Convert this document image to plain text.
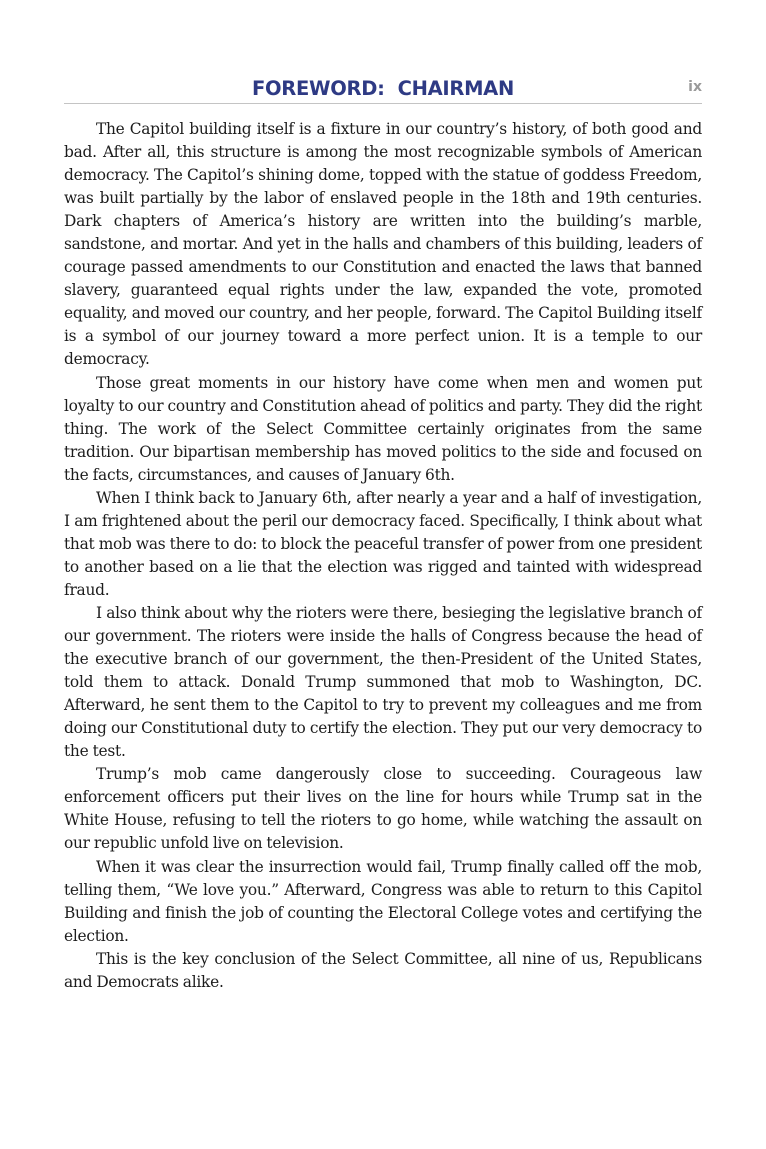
FOREWORD:  CHAIRMAN	ix

The Capitol building itself is a fixture in our country’s history, of both good and bad. After all, this structure is among the most recognizable symbols of American democracy. The Capitol’s shining dome, topped with the statue of goddess Freedom, was built partially by the labor of enslaved people in the 18th and 19th centuries. Dark chapters of America’s history are written into the building’s marble, sandstone, and mortar. And yet in the halls and chambers of this building, leaders of courage passed amendments to our Constitution and enacted the laws that banned slavery, guaranteed equal rights under the law, expanded the vote, promoted equality, and moved our country, and her people, forward. The Capitol Building itself is a symbol of our journey toward a more perfect union. It is a temple to our democracy.

Those great moments in our history have come when men and women put loyalty to our country and Constitution ahead of politics and party. They did the right thing. The work of the Select Committee certainly originates from the same tradition. Our bipartisan membership has moved politics to the side and focused on the facts, circumstances, and causes of January 6th.

When I think back to January 6th, after nearly a year and a half of investigation, I am frightened about the peril our democracy faced. Specifically, I think about what that mob was there to do: to block the peaceful transfer of power from one president to another based on a lie that the election was rigged and tainted with widespread fraud.

I also think about why the rioters were there, besieging the legislative branch of our government. The rioters were inside the halls of Congress because the head of the executive branch of our government, the then-President of the United States, told them to attack. Donald Trump summoned that mob to Washington, DC. Afterward, he sent them to the Capitol to try to prevent my colleagues and me from doing our Constitutional duty to certify the election. They put our very democracy to the test.

Trump’s mob came dangerously close to succeeding. Courageous law enforcement officers put their lives on the line for hours while Trump sat in the White House, refusing to tell the rioters to go home, while watching the assault on our republic unfold live on television.

When it was clear the insurrection would fail, Trump finally called off the mob, telling them, “We love you.” Afterward, Congress was able to return to this Capitol Building and finish the job of counting the Electoral College votes and certifying the election.

This is the key conclusion of the Select Committee, all nine of us, Republicans and Democrats alike.
